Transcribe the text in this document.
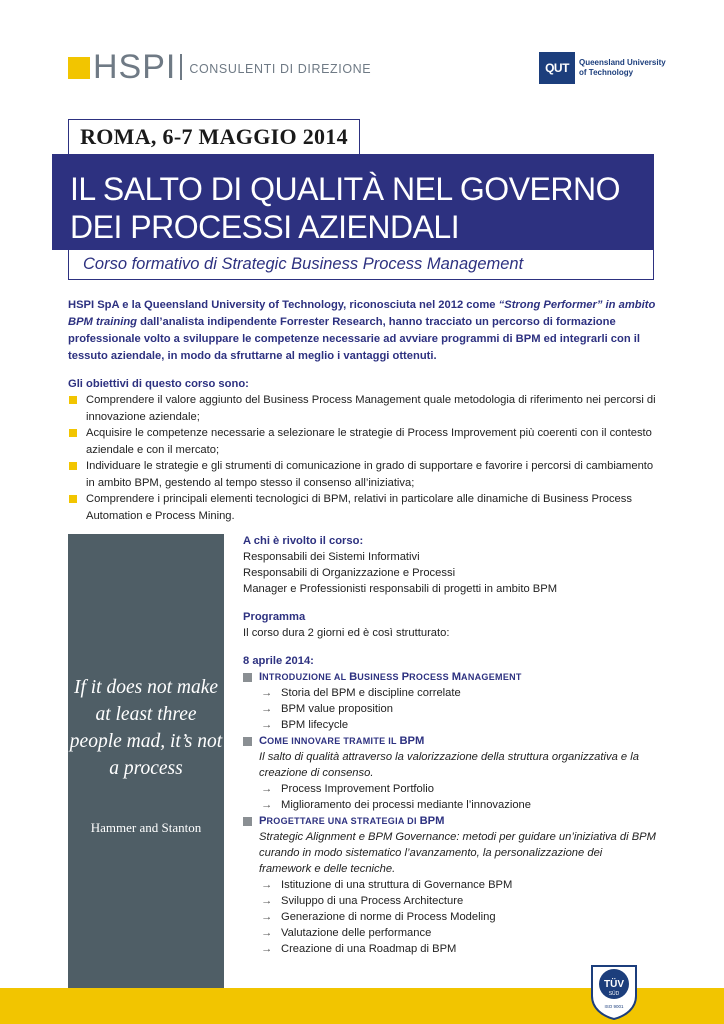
HSPI CONSULENTI DI DIREZIONE	QUT	Queensland University
of Technology
ROMA, 6-7 MAGGIO 2014
IL SALTO DI QUALITÀ NEL GOVERNO
DEI PROCESSI AZIENDALI
Corso formativo di Strategic Business Process Management
HSPI SpA e la Queensland University of Technology, riconosciuta nel 2012 come “Strong Performer” in ambito BPM training dall’analista indipendente Forrester Research, hanno tracciato un percorso di formazione professionale volto a sviluppare le competenze necessarie ad avviare programmi di BPM ed integrarli con il tessuto aziendale, in modo da sfruttarne al meglio i vantaggi ottenuti.
Gli obiettivi di questo corso sono:
Comprendere il valore aggiunto del Business Process Management quale metodologia di riferimento nei percorsi di innovazione aziendale;
Acquisire le competenze necessarie a selezionare le strategie di Process Improvement più coerenti con il contesto aziendale e con il mercato;
Individuare le strategie e gli strumenti di comunicazione in grado di supportare e favorire i percorsi di cambiamento in ambito BPM, gestendo al tempo stesso il consenso all’iniziativa;
Comprendere i principali elementi tecnologici di BPM, relativi in particolare alle dinamiche di Business Process Automation e Process Mining.
If it does not make at least three people mad, it’s not a process
Hammer and Stanton
A chi è rivolto il corso:
Responsabili dei Sistemi Informativi
Responsabili di Organizzazione e Processi
Manager e Professionisti responsabili di progetti in ambito BPM
Programma
Il corso dura 2 giorni ed è così strutturato:
8 aprile 2014:
INTRODUZIONE AL BUSINESS PROCESS MANAGEMENT
→ Storia del BPM e discipline correlate
→ BPM value proposition
→ BPM lifecycle
COME INNOVARE TRAMITE IL BPM
Il salto di qualità attraverso la valorizzazione della struttura organizzativa e la creazione di consenso.
→ Process Improvement Portfolio
→ Miglioramento dei processi mediante l’innovazione
PROGETTARE UNA STRATEGIA DI BPM
Strategic Alignment e BPM Governance: metodi per guidare un’iniziativa di BPM curando in modo sistematico l’avanzamento, la personalizzazione dei framework e delle tecniche.
→ Istituzione di una struttura di Governance BPM
→ Sviluppo di una Process Architecture
→ Generazione di norme di Process Modeling
→ Valutazione delle performance
→ Creazione di una Roadmap di BPM
TÜV
SÜD
ISO 9001
